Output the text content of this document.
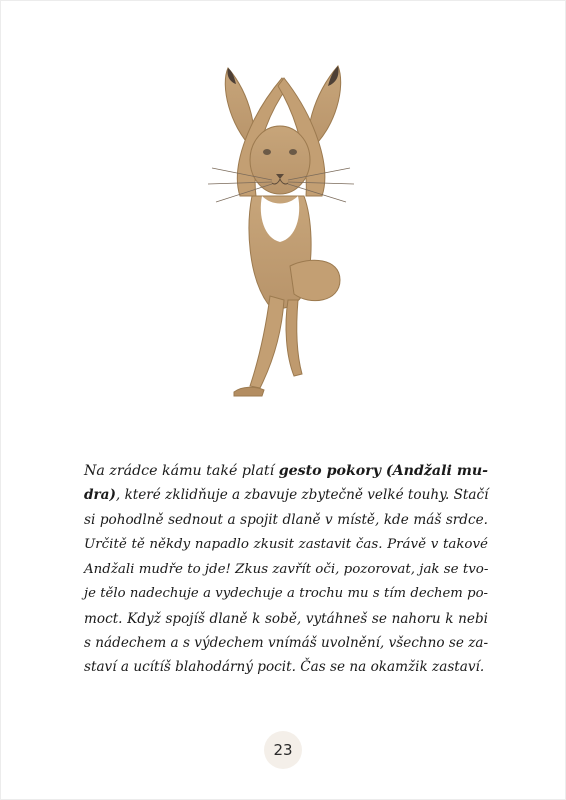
Na zrádce kámu také platí gesto pokory (Andžali mu-
dra), které zklidňuje a zbavuje zbytečně velké touhy. Stačí
si pohodlně sednout a spojit dlaně v místě, kde máš srdce.
Určitě tě někdy napadlo zkusit zastavit čas. Právě v takové
Andžali mudře to jde! Zkus zavřít oči, pozorovat, jak se tvo-
je tělo nadechuje a vydechuje a trochu mu s tím dechem po-
moct. Když spojíš dlaně k sobě, vytáhneš se nahoru k nebi
s nádechem a s výdechem vnímáš uvolnění, všechno se za-
staví a ucítíš blahodárný pocit. Čas se na okamžik zastaví.
23
